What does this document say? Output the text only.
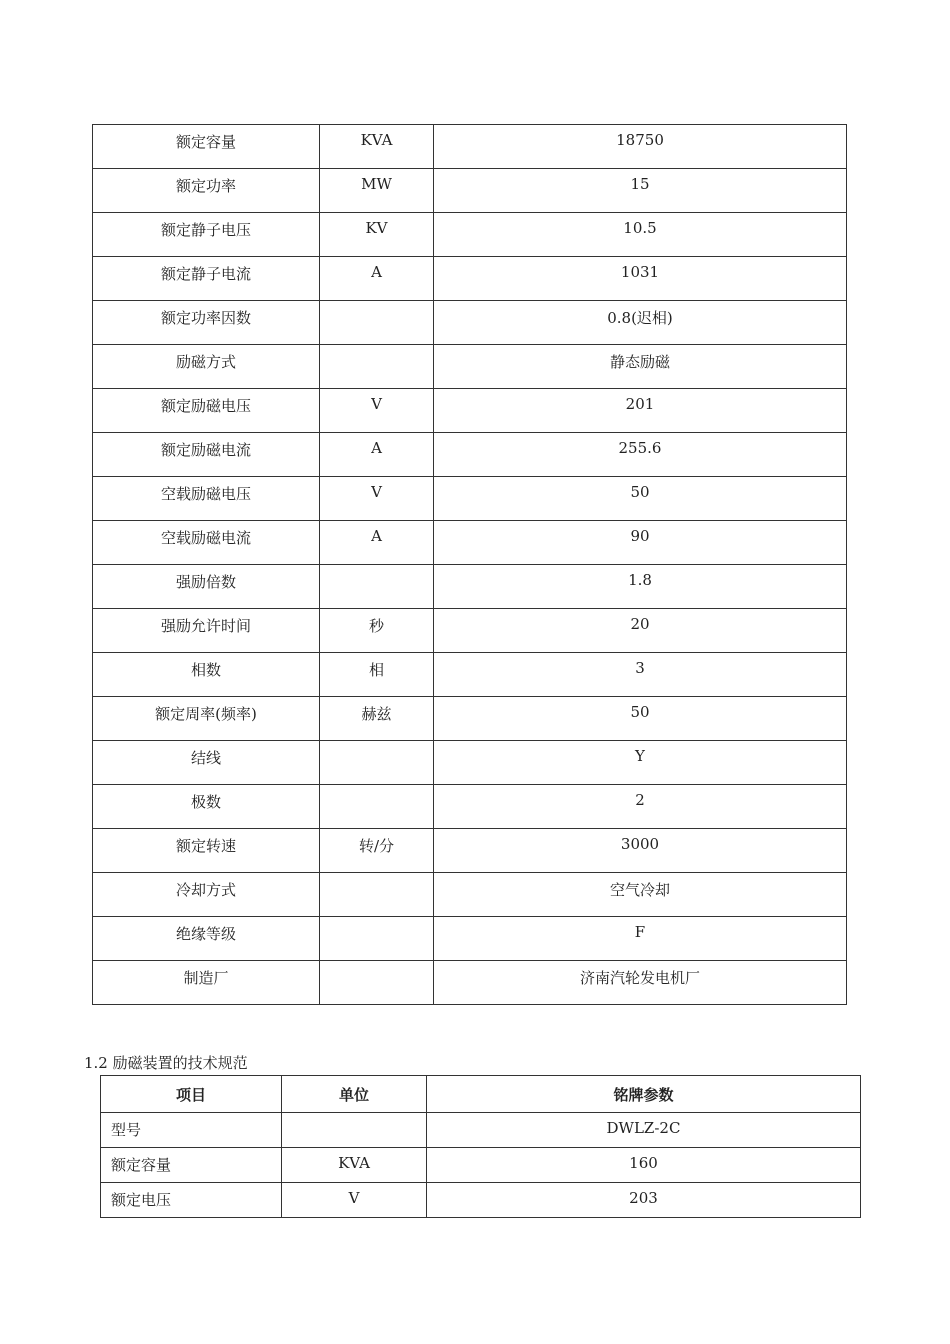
额定容量	KVA	18750
额定功率	MW	15
额定静子电压	KV	10.5
额定静子电流	A	1031
额定功率因数		0.8(迟相)
励磁方式		静态励磁
额定励磁电压	V	201
额定励磁电流	A	255.6
空载励磁电压	V	50
空载励磁电流	A	90
强励倍数		1.8
强励允许时间	秒	20
相数	相	3
额定周率(频率)	赫兹	50
结线		Y
极数		2
额定转速	转/分	3000
冷却方式		空气冷却
绝缘等级		F
制造厂		济南汽轮发电机厂
1.2 励磁装置的技术规范
项目	单位	铭牌参数
型号		DWLZ-2C
额定容量	KVA	160
额定电压	V	203
